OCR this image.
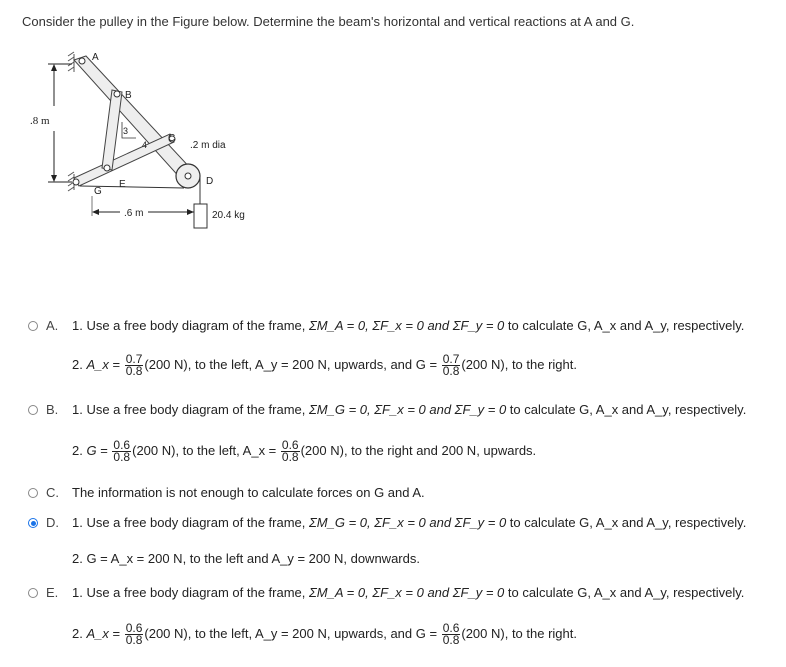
Consider the pulley in the Figure below. Determine the beam's horizontal and vertical reactions at A and G.
.8 m
20.4 kg
3
4
A
B
C
D
E
G
.2 m dia
.6 m
A. 1. Use a free body diagram of the frame, ΣM_A = 0, ΣF_x = 0 and ΣF_y = 0 to calculate G, A_x and A_y, respectively.
2. A_x = $\frac{0.7}{0.8} (200$ N), to the left, A_y = 200 N, upwards, and $G = \frac{0.7}{0.8} (200$ N), to the right.
B. 1. Use a free body diagram of the frame, ΣM_G = 0, ΣF_x = 0 and ΣF_y = 0 to calculate G, A_x and A_y, respectively.
2. $G = \frac{0.6}{0.8} (200$ N), to the left, A_x = $\frac{0.6}{0.8} (200$ N), to the right and 200 N, upwards.
C. The information is not enough to calculate forces on G and A.
D. 1. Use a free body diagram of the frame, ΣM_G = 0, ΣF_x = 0 and ΣF_y = 0 to calculate G, A_x and A_y, respectively.
2. G = A_x = 200 N, to the left and A_y = 200 N, downwards.
E. 1. Use a free body diagram of the frame, ΣM_A = 0, ΣF_x = 0 and ΣF_y = 0 to calculate G, A_x and A_y, respectively.
2. A_x = $\frac{0.6}{0.8} (200$ N), to the left, A_y = 200 N, upwards, and $G = \frac{0.6}{0.8} (200$ N), to the right.
